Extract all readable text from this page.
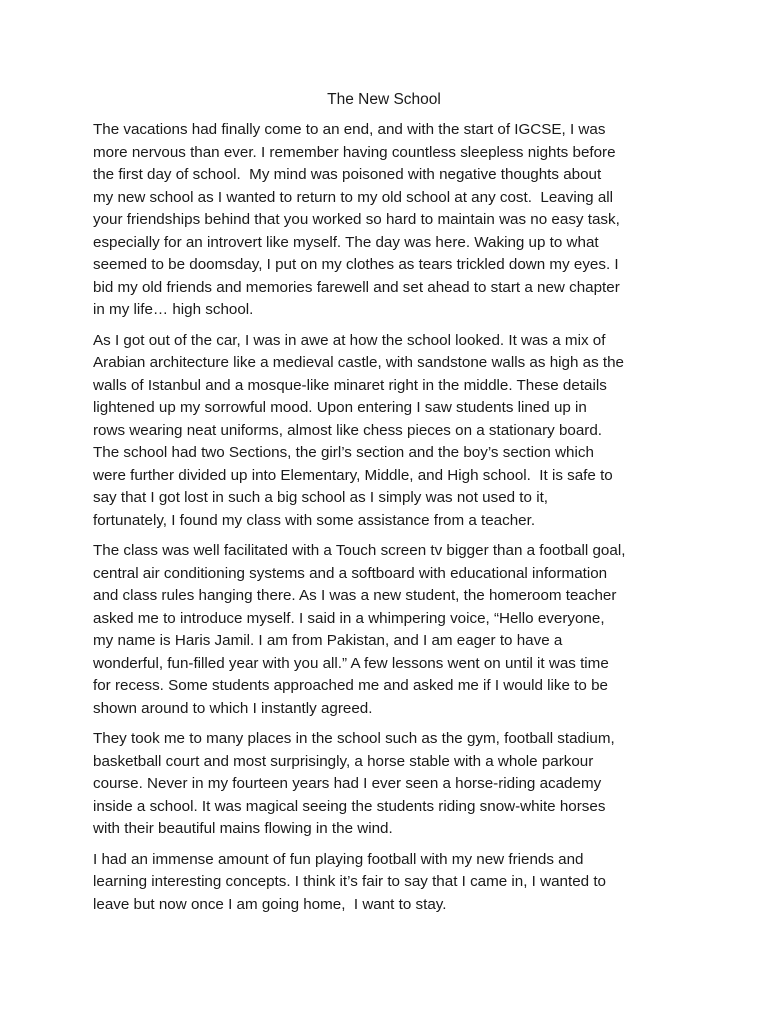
The New School

The vacations had finally come to an end, and with the start of IGCSE, I was
more nervous than ever. I remember having countless sleepless nights before
the first day of school.  My mind was poisoned with negative thoughts about
my new school as I wanted to return to my old school at any cost.  Leaving all
your friendships behind that you worked so hard to maintain was no easy task,
especially for an introvert like myself. The day was here. Waking up to what
seemed to be doomsday, I put on my clothes as tears trickled down my eyes. I
bid my old friends and memories farewell and set ahead to start a new chapter
in my life… high school.

As I got out of the car, I was in awe at how the school looked. It was a mix of
Arabian architecture like a medieval castle, with sandstone walls as high as the
walls of Istanbul and a mosque-like minaret right in the middle. These details
lightened up my sorrowful mood. Upon entering I saw students lined up in
rows wearing neat uniforms, almost like chess pieces on a stationary board.
The school had two Sections, the girl’s section and the boy’s section which
were further divided up into Elementary, Middle, and High school.  It is safe to
say that I got lost in such a big school as I simply was not used to it,
fortunately, I found my class with some assistance from a teacher.

The class was well facilitated with a Touch screen tv bigger than a football goal,
central air conditioning systems and a softboard with educational information
and class rules hanging there. As I was a new student, the homeroom teacher
asked me to introduce myself. I said in a whimpering voice, “Hello everyone,
my name is Haris Jamil. I am from Pakistan, and I am eager to have a
wonderful, fun-filled year with you all.” A few lessons went on until it was time
for recess. Some students approached me and asked me if I would like to be
shown around to which I instantly agreed.

They took me to many places in the school such as the gym, football stadium,
basketball court and most surprisingly, a horse stable with a whole parkour
course. Never in my fourteen years had I ever seen a horse-riding academy
inside a school. It was magical seeing the students riding snow-white horses
with their beautiful mains flowing in the wind.

I had an immense amount of fun playing football with my new friends and
learning interesting concepts. I think it’s fair to say that I came in, I wanted to
leave but now once I am going home,  I want to stay.
